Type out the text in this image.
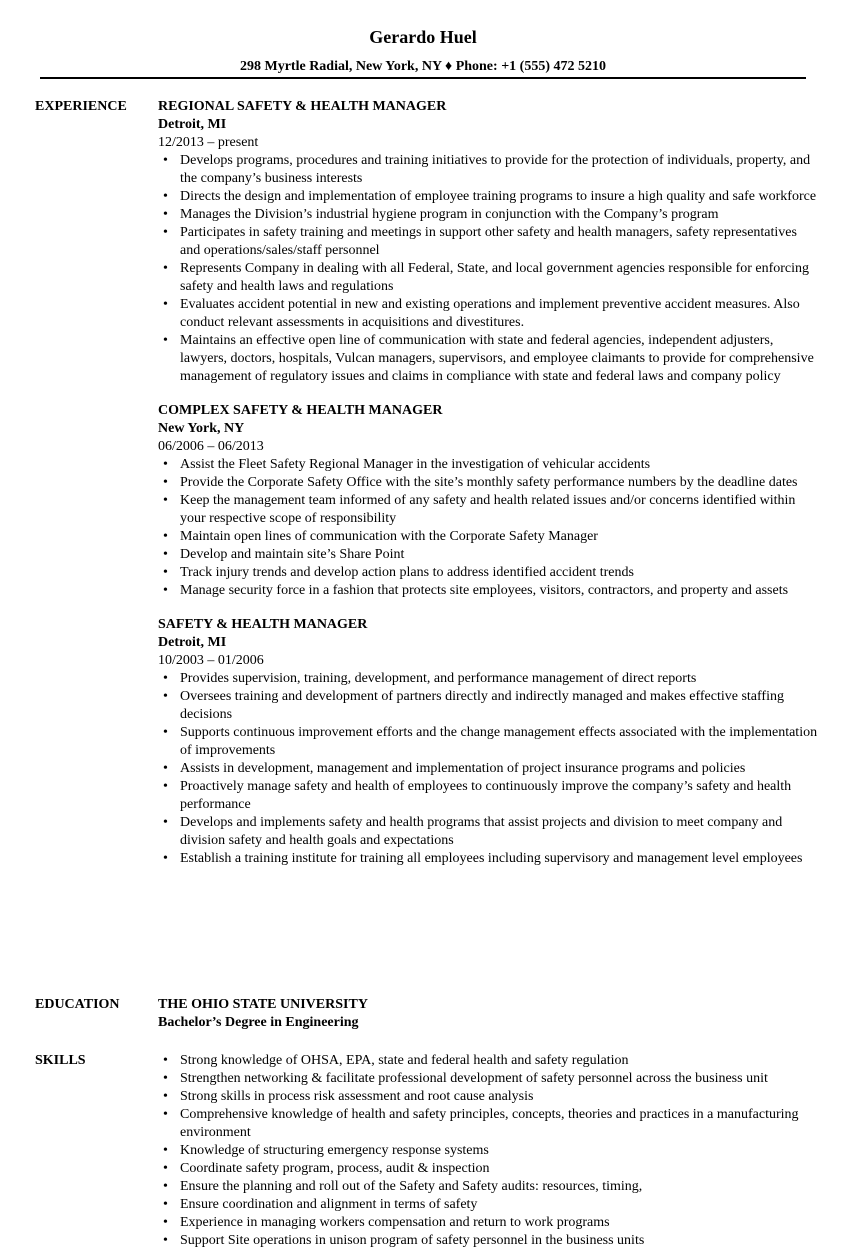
Gerardo Huel
298 Myrtle Radial, New York, NY ♦ Phone: +1 (555) 472 5210
EXPERIENCE REGIONAL SAFETY & HEALTH MANAGER

Detroit, MI

12/2013 – present

• Develops programs, procedures and training initiatives to provide for the protection of individuals, property, and the company’s business interests
• Directs the design and implementation of employee training programs to insure a high quality and safe workforce
• Manages the Division’s industrial hygiene program in conjunction with the Company’s program
• Participates in safety training and meetings in support other safety and health managers, safety representatives and operations/sales/staff personnel
• Represents Company in dealing with all Federal, State, and local government agencies responsible for enforcing safety and health laws and regulations
• Evaluates accident potential in new and existing operations and implement preventive accident measures. Also conduct relevant assessments in acquisitions and divestitures.
• Maintains an effective open line of communication with state and federal agencies, independent adjusters, lawyers, doctors, hospitals, Vulcan managers, supervisors, and employee claimants to provide for comprehensive management of regulatory issues and claims in compliance with state and federal laws and company policy

COMPLEX SAFETY & HEALTH MANAGER

New York, NY

06/2006 – 06/2013

• Assist the Fleet Safety Regional Manager in the investigation of vehicular accidents
• Provide the Corporate Safety Office with the site’s monthly safety performance numbers by the deadline dates
• Keep the management team informed of any safety and health related issues and/or concerns identified within your respective scope of responsibility
• Maintain open lines of communication with the Corporate Safety Manager
• Develop and maintain site’s Share Point
• Track injury trends and develop action plans to address identified accident trends
• Manage security force in a fashion that protects site employees, visitors, contractors, and property and assets

SAFETY & HEALTH MANAGER

Detroit, MI

10/2003 – 01/2006

• Provides supervision, training, development, and performance management of direct reports
• Oversees training and development of partners directly and indirectly managed and makes effective staffing decisions
• Supports continuous improvement efforts and the change management effects associated with the implementation of improvements
• Assists in development, management and implementation of project insurance programs and policies
• Proactively manage safety and health of employees to continuously improve the company’s safety and health performance
• Develops and implements safety and health programs that assist projects and division to meet company and division safety and health goals and expectations
• Establish a training institute for training all employees including supervisory and management level employees
EDUCATION	THE OHIO STATE UNIVERSITY

Bachelor’s Degree in Engineering

SKILLS
•	Strong knowledge of OHSA, EPA, state and federal health and safety regulation
• Strengthen networking & facilitate professional development of safety personnel across the business unit
• Strong skills in process risk assessment and root cause analysis
• Comprehensive knowledge of health and safety principles, concepts, theories and practices in a manufacturing environment
• Knowledge of structuring emergency response systems
• Coordinate safety program, process, audit & inspection
• Ensure the planning and roll out of the Safety and Safety audits: resources, timing,
• Ensure coordination and alignment in terms of safety
• Experience in managing workers compensation and return to work programs
• Support Site operations in unison program of safety personnel in the business units
